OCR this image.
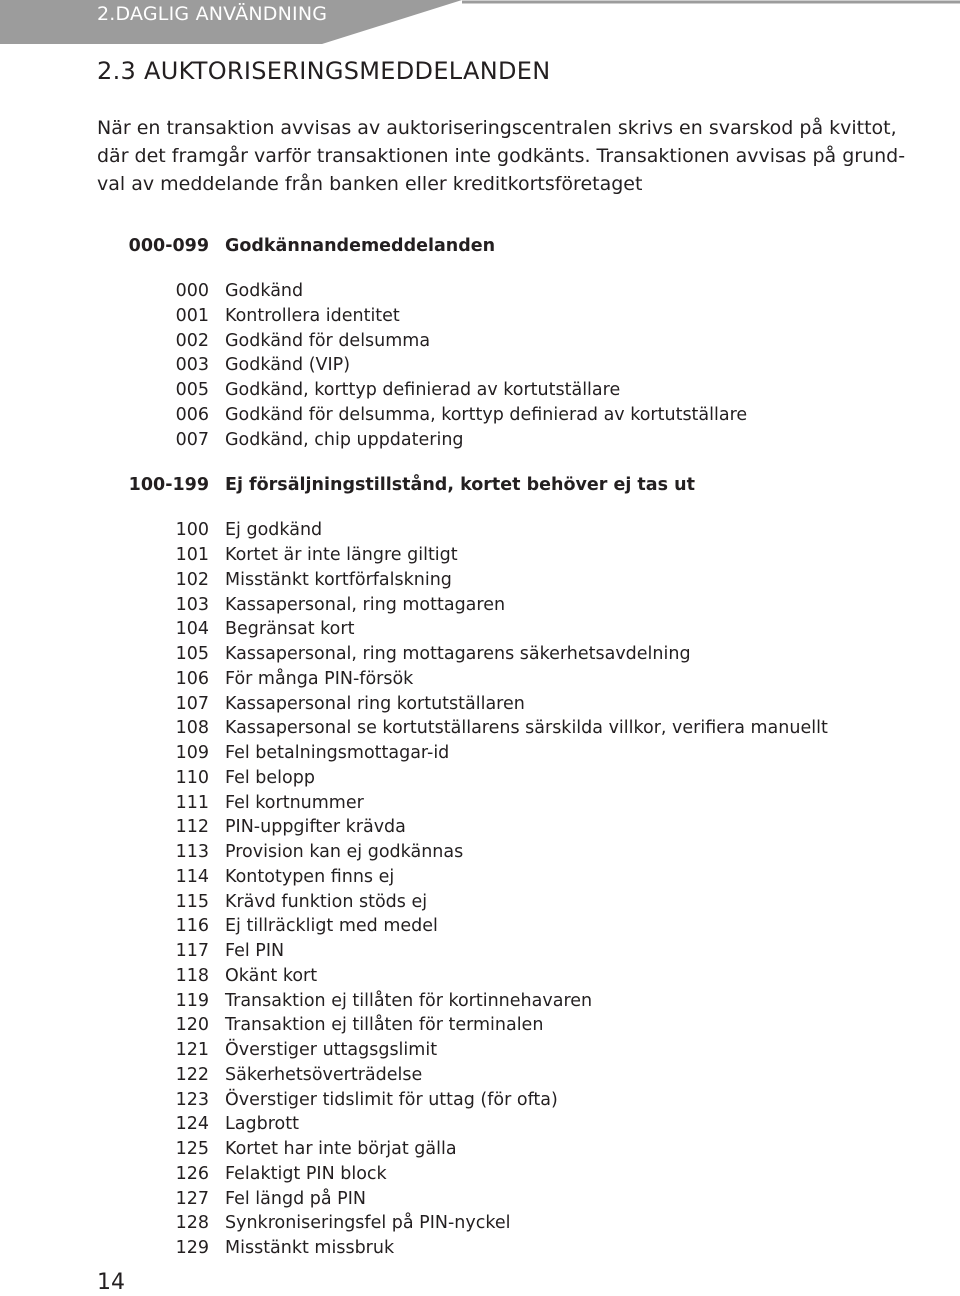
2.DAGLIG ANVÄNDNING
2.3 AUKTORISERINGSMEDDELANDEN
När en transaktion avvisas av auktoriseringscentralen skrivs en svarskod på kvittot,
där det framgår varför transaktionen inte godkänts. Transaktionen avvisas på grund-
val av meddelande från banken eller kreditkortsföretaget
000-099 Godkännandemeddelanden
000 Godkänd
001 Kontrollera identitet
002 Godkänd för delsumma
003 Godkänd (VIP)
005 Godkänd, korttyp definierad av kortutställare
006 Godkänd för delsumma, korttyp definierad av kortutställare
007 Godkänd, chip uppdatering
100-199 Ej försäljningstillstånd, kortet behöver ej tas ut
100 Ej godkänd
101 Kortet är inte längre giltigt
102 Misstänkt kortförfalskning
103 Kassapersonal, ring mottagaren
104 Begränsat kort
105 Kassapersonal, ring mottagarens säkerhetsavdelning
106 För många PIN-försök
107 Kassapersonal ring kortutställaren
108 Kassapersonal se kortutställarens särskilda villkor, verifiera manuellt
109 Fel betalningsmottagar-id
110 Fel belopp
111 Fel kortnummer
112 PIN-uppgifter krävda
113 Provision kan ej godkännas
114 Kontotypen finns ej
115 Krävd funktion stöds ej
116 Ej tillräckligt med medel
117 Fel PIN
118 Okänt kort
119 Transaktion ej tillåten för kortinnehavaren
120 Transaktion ej tillåten för terminalen
121 Överstiger uttagsgslimit
122 Säkerhetsöverträdelse
123 Överstiger tidslimit för uttag (för ofta)
124 Lagbrott
125 Kortet har inte börjat gälla
126 Felaktigt PIN block
127 Fel längd på PIN
128 Synkroniseringsfel på PIN-nyckel
129 Misstänkt missbruk
14
